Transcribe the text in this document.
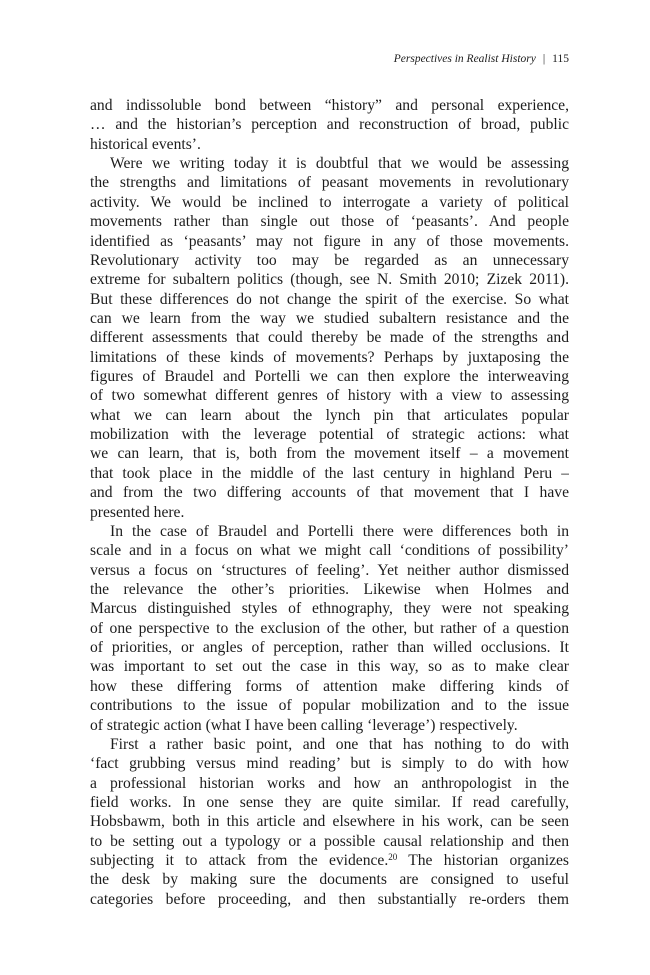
Perspectives in Realist History | 115
and indissoluble bond between “history” and personal experience,
… and the historian’s perception and reconstruction of broad, public
historical events’.
Were we writing today it is doubtful that we would be assessing
the strengths and limitations of peasant movements in revolutionary
activity. We would be inclined to interrogate a variety of political
movements rather than single out those of ‘peasants’. And people
identified as ‘peasants’ may not figure in any of those movements.
Revolutionary activity too may be regarded as an unnecessary
extreme for subaltern politics (though, see N. Smith 2010; Zizek 2011).
But these differences do not change the spirit of the exercise. So what
can we learn from the way we studied subaltern resistance and the
different assessments that could thereby be made of the strengths and
limitations of these kinds of movements? Perhaps by juxtaposing the
figures of Braudel and Portelli we can then explore the interweaving
of two somewhat different genres of history with a view to assessing
what we can learn about the lynch pin that articulates popular
mobilization with the leverage potential of strategic actions: what
we can learn, that is, both from the movement itself – a movement
that took place in the middle of the last century in highland Peru –
and from the two differing accounts of that movement that I have
presented here.
In the case of Braudel and Portelli there were differences both in
scale and in a focus on what we might call ‘conditions of possibility’
versus a focus on ‘structures of feeling’. Yet neither author dismissed
the relevance the other’s priorities. Likewise when Holmes and
Marcus distinguished styles of ethnography, they were not speaking
of one perspective to the exclusion of the other, but rather of a question
of priorities, or angles of perception, rather than willed occlusions. It
was important to set out the case in this way, so as to make clear
how these differing forms of attention make differing kinds of
contributions to the issue of popular mobilization and to the issue
of strategic action (what I have been calling ‘leverage’) respectively.
First a rather basic point, and one that has nothing to do with
‘fact grubbing versus mind reading’ but is simply to do with how
a professional historian works and how an anthropologist in the
field works. In one sense they are quite similar. If read carefully,
Hobsbawm, both in this article and elsewhere in his work, can be seen
to be setting out a typology or a possible causal relationship and then
subjecting it to attack from the evidence.$^{20}$ The historian organizes
the desk by making sure the documents are consigned to useful
categories before proceeding, and then substantially re-orders them
